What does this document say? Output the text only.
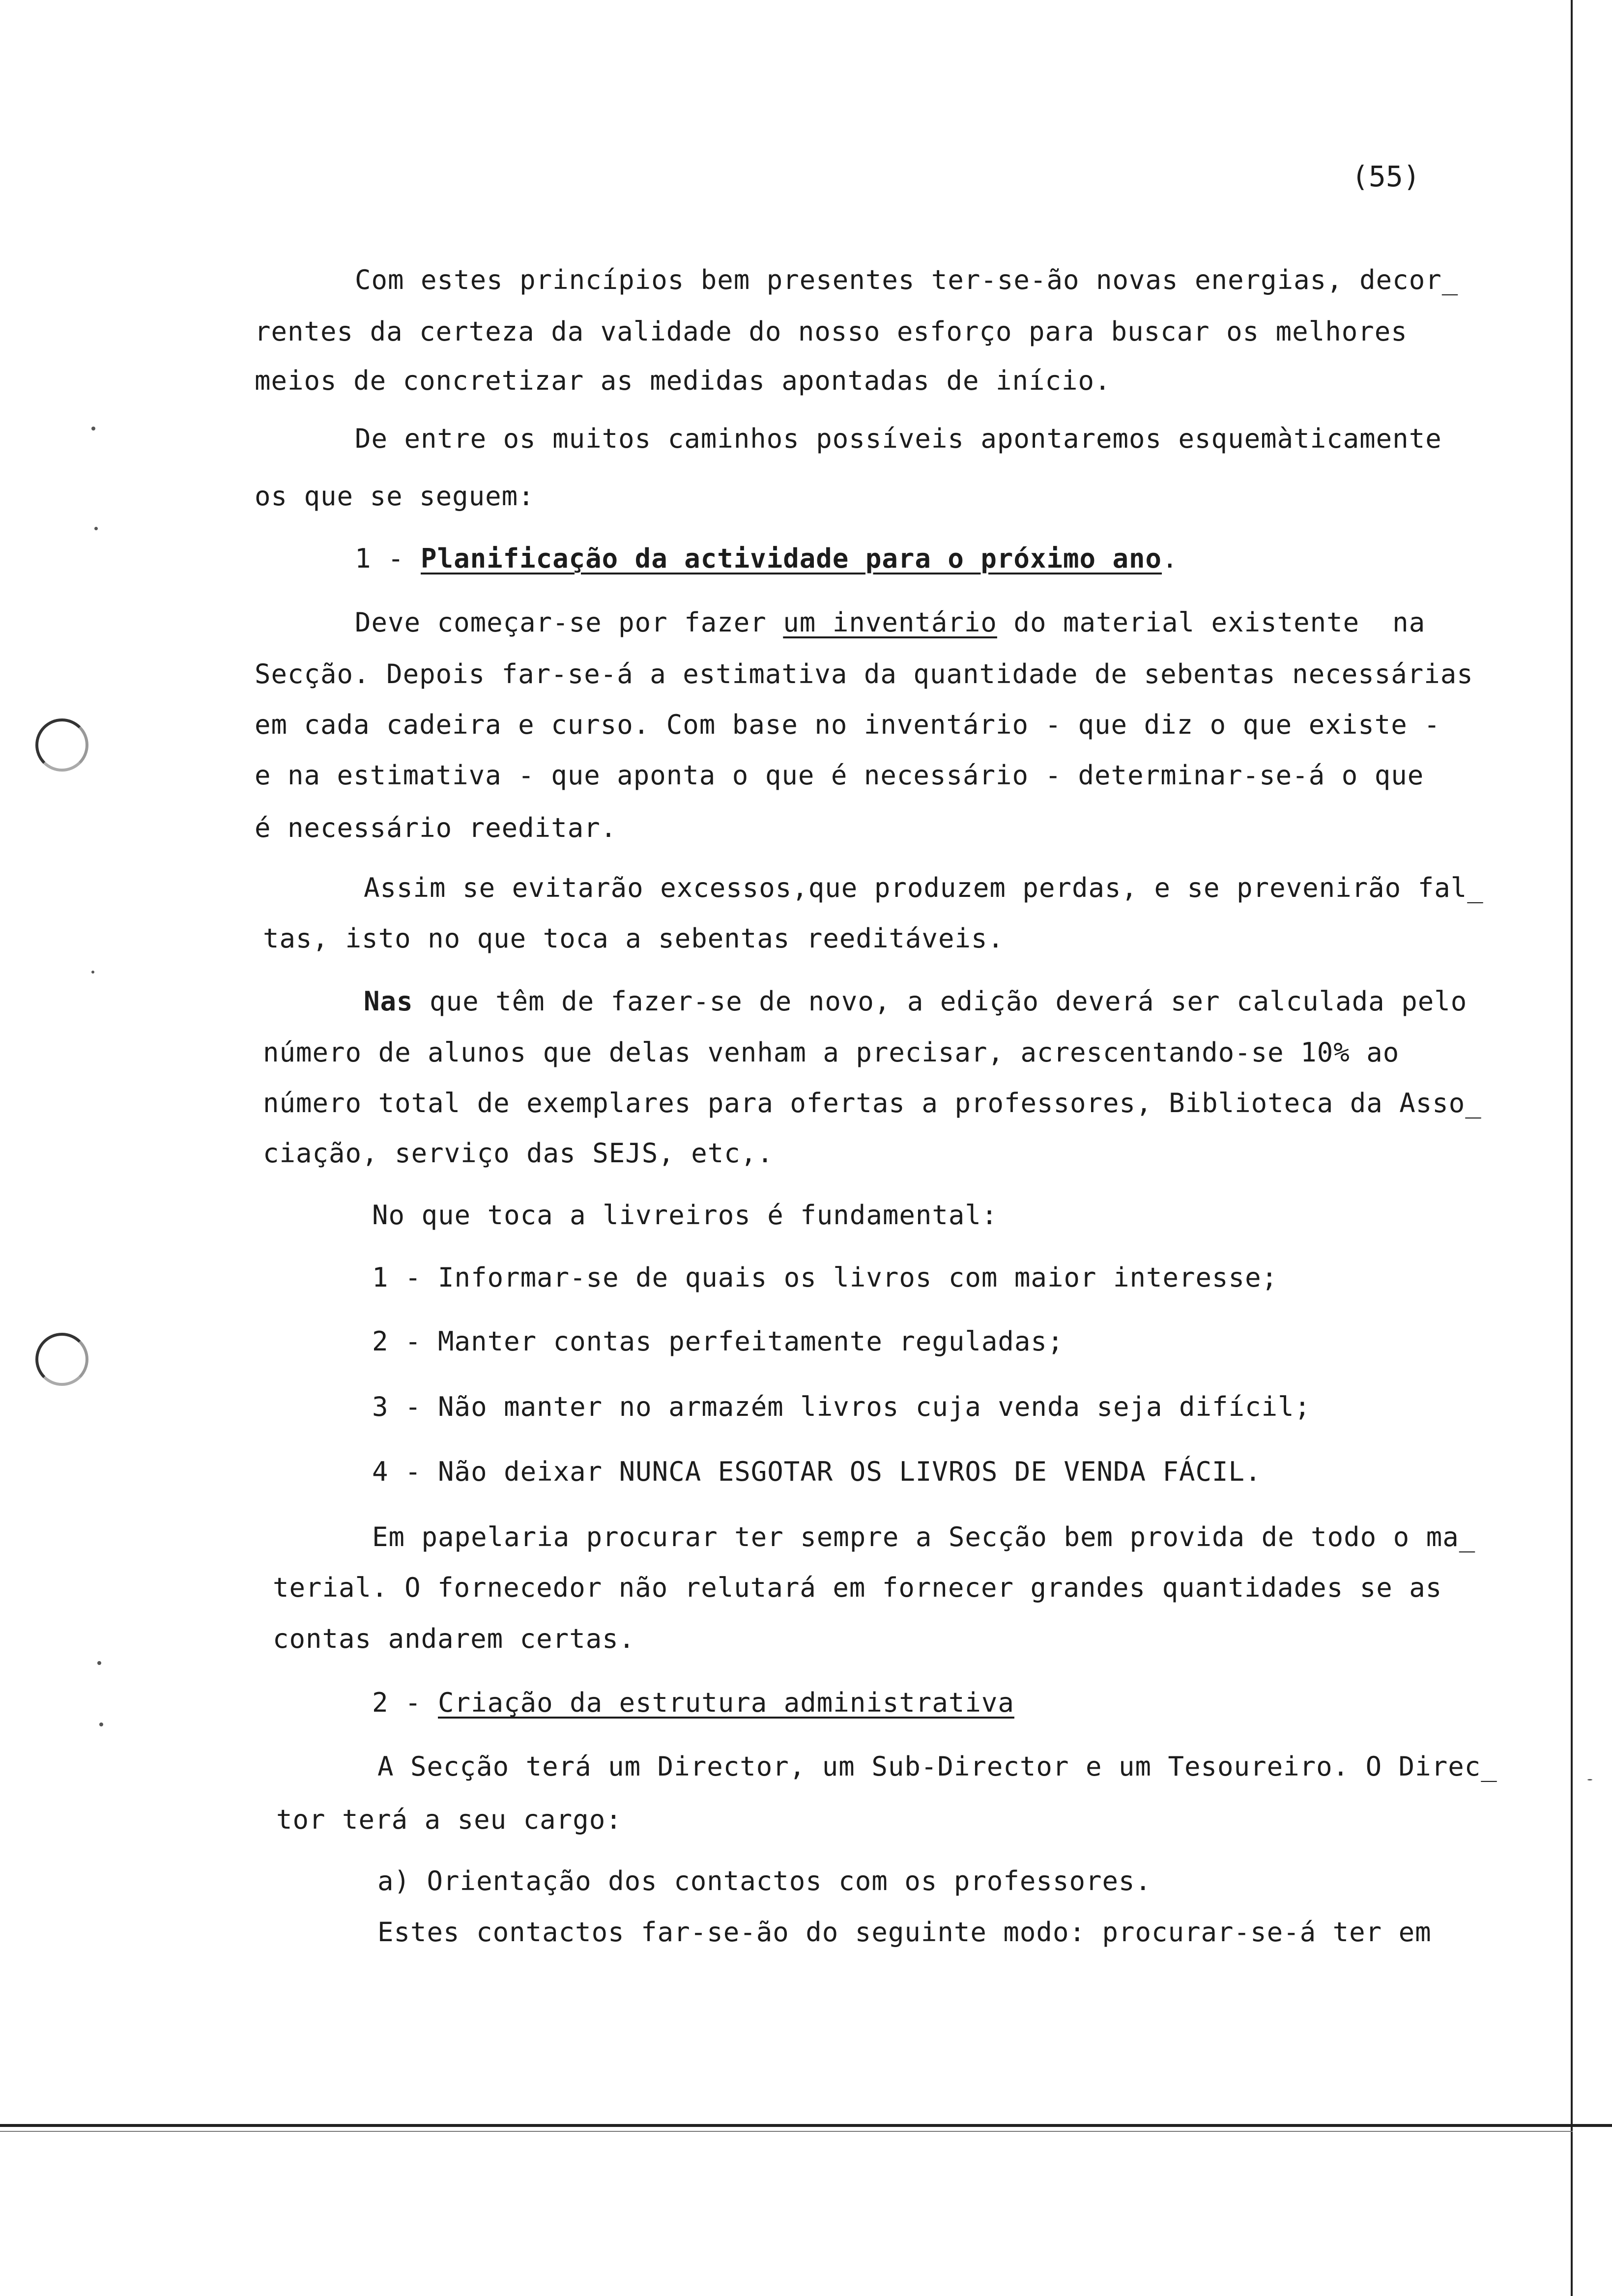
(55)
Com estes princípios bem presentes ter-se-ão novas energias, decor_
rentes da certeza da validade do nosso esforço para buscar os melhores
meios de concretizar as medidas apontadas de início.
De entre os muitos caminhos possíveis apontaremos esquemàticamente
os que se seguem:
1 - Planificação da actividade para o próximo ano.
Deve começar-se por fazer um inventário do material existente  na
Secção. Depois far-se-á a estimativa da quantidade de sebentas necessárias
em cada cadeira e curso. Com base no inventário - que diz o que existe -
e na estimativa - que aponta o que é necessário - determinar-se-á o que
é necessário reeditar.
Assim se evitarão excessos,que produzem perdas, e se prevenirão fal_
tas, isto no que toca a sebentas reeditáveis.
Nas que têm de fazer-se de novo, a edição deverá ser calculada pelo
número de alunos que delas venham a precisar, acrescentando-se 10% ao
número total de exemplares para ofertas a professores, Biblioteca da Asso_
ciação, serviço das SEJS, etc,.
No que toca a livreiros é fundamental:
1 - Informar-se de quais os livros com maior interesse;
2 - Manter contas perfeitamente reguladas;
3 - Não manter no armazém livros cuja venda seja difícil;
4 - Não deixar NUNCA ESGOTAR OS LIVROS DE VENDA FÁCIL.
Em papelaria procurar ter sempre a Secção bem provida de todo o ma_
terial. O fornecedor não relutará em fornecer grandes quantidades se as
contas andarem certas.
2 - Criação da estrutura administrativa
A Secção terá um Director, um Sub-Director e um Tesoureiro. O Direc_
tor terá a seu cargo:
a) Orientação dos contactos com os professores.
Estes contactos far-se-ão do seguinte modo: procurar-se-á ter em
